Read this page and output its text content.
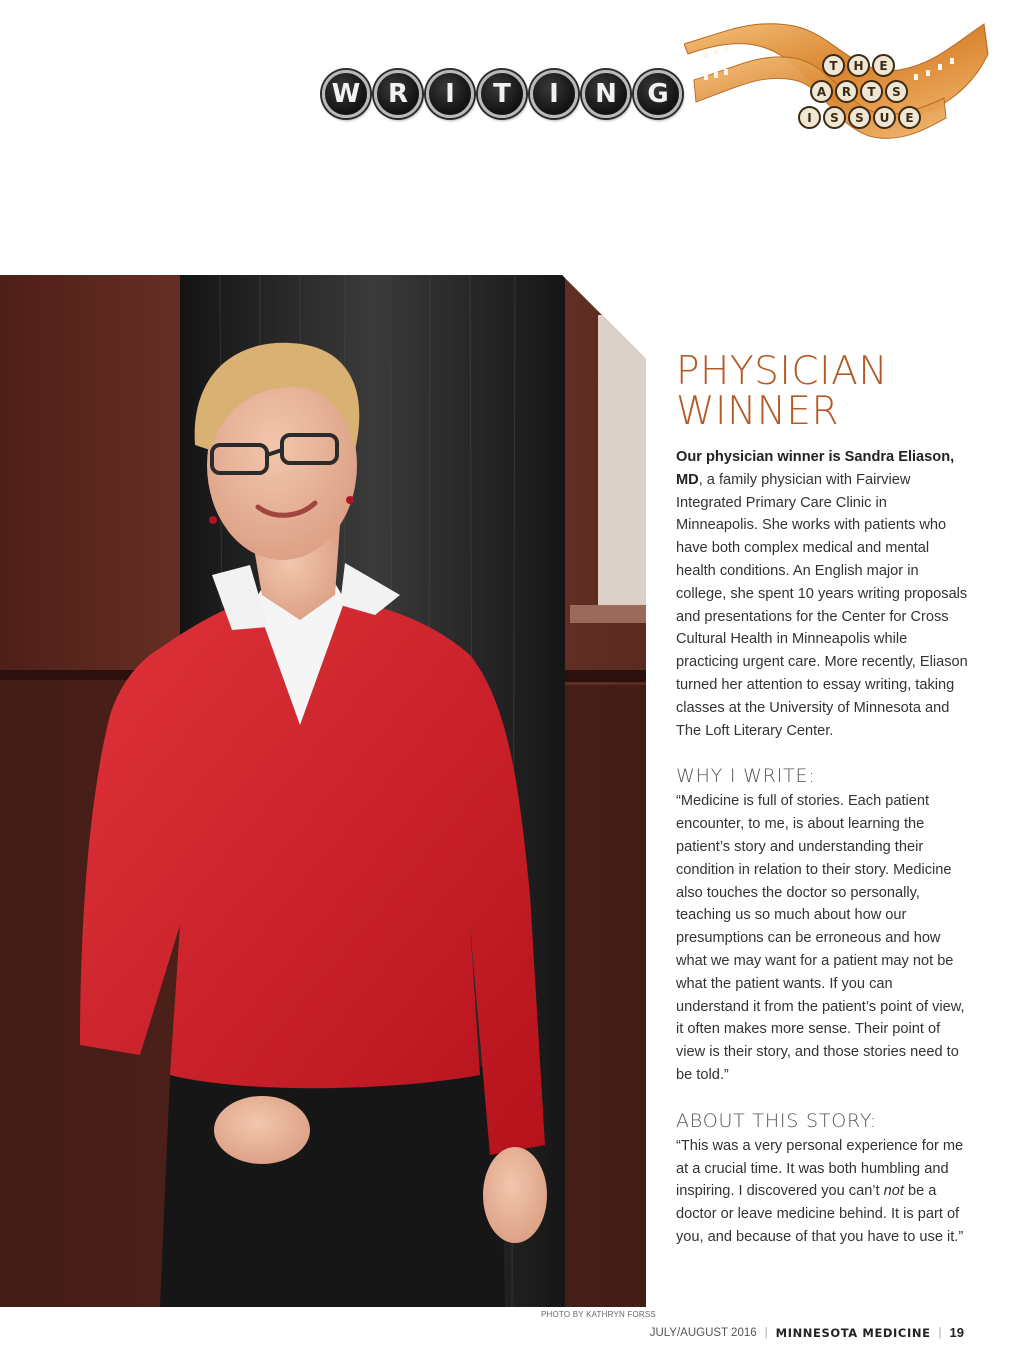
W	R	I	T	I	N	G
T	H	E
A	R	T	S
I	S	S	U	E
PHOTO BY KATHRYN FORSS
PHYSICIAN
WINNER

Our physician winner is Sandra Eliason, MD, a family physician with Fairview Integrated Primary Care Clinic in Minneapolis. She works with patients who have both complex medical and mental health conditions. An English major in college, she spent 10 years writing proposals and presentations for the Center for Cross Cultural Health in Minneapolis while practicing urgent care. More recently, Eliason turned her attention to essay writing, taking classes at the University of Minnesota and The Loft Literary Center.

WHY I WRITE:

“Medicine is full of stories. Each patient encounter, to me, is about learning the patient’s story and understanding their condition in relation to their story. Medicine also touches the doctor so personally, teaching us so much about how our presumptions can be erroneous and how what we may want for a patient may not be what the patient wants. If you can understand it from the patient’s point of view, it often makes more sense. Their point of view is their story, and those stories need to be told.”

ABOUT THIS STORY:

“This was a very personal experience for me at a crucial time. It was both humbling and inspiring. I discovered you can’t not be a doctor or leave medicine behind. It is part of you, and because of that you have to use it.”

JULY/AUGUST 2016 | MINNESOTA MEDICINE | 19
